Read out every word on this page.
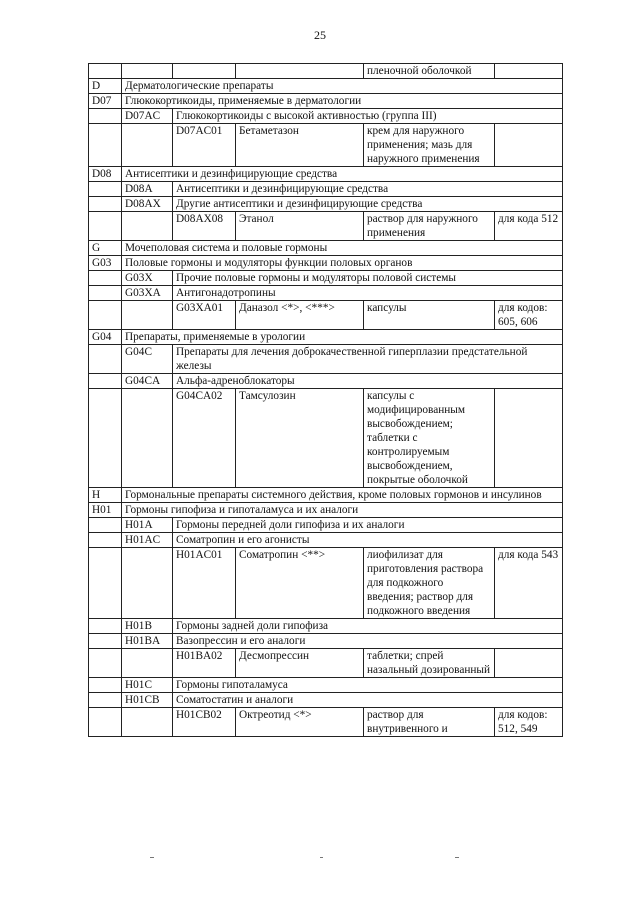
25
				пленочной оболочкой	
D	Дерматологические препараты				
D07	Глюкокортикоиды, применяемые в дерматологии				
	D07AC	Глюкокортикоиды с высокой активностью (группа III)			
		D07AC01	Бетаметазон	крем для наружного применения; мазь для наружного применения	
D08	Антисептики и дезинфицирующие средства				
	D08A	Антисептики и дезинфицирующие средства			
	D08AX	Другие антисептики и дезинфицирующие средства			
		D08AX08	Этанол	раствор для наружного применения	для кода 512
G	Мочеполовая система и половые гормоны				
G03	Половые гормоны и модуляторы функции половых органов				
	G03X	Прочие половые гормоны и модуляторы половой системы			
	G03XA	Антигонадотропины			
		G03XA01	Даназол <*>, <***>	капсулы	для кодов: 605, 606
G04	Препараты, применяемые в урологии				
	G04C	Препараты для лечения доброкачественной гиперплазии предстательной железы			
	G04CA	Альфа-адреноблокаторы			
		G04CA02	Тамсулозин	капсулы с модифицированным высвобождением; таблетки с контролируемым высвобождением, покрытые оболочкой	
H	Гормональные препараты системного действия, кроме половых гормонов и инсулинов				
H01	Гормоны гипофиза и гипоталамуса и их аналоги				
	H01A	Гормоны передней доли гипофиза и их аналоги			
	H01AC	Соматропин и его агонисты			
		H01AC01	Соматропин <**>	лиофилизат для приготовления раствора для подкожного введения; раствор для подкожного введения	для кода 543
	H01B	Гормоны задней доли гипофиза			
	H01BA	Вазопрессин и его аналоги			
		H01BA02	Десмопрессин	таблетки; спрей назальный дозированный	
	H01C	Гормоны гипоталамуса			
	H01CB	Соматостатин и аналоги			
		H01CB02	Октреотид <*>	раствор для внутривенного и	для кодов: 512, 549
